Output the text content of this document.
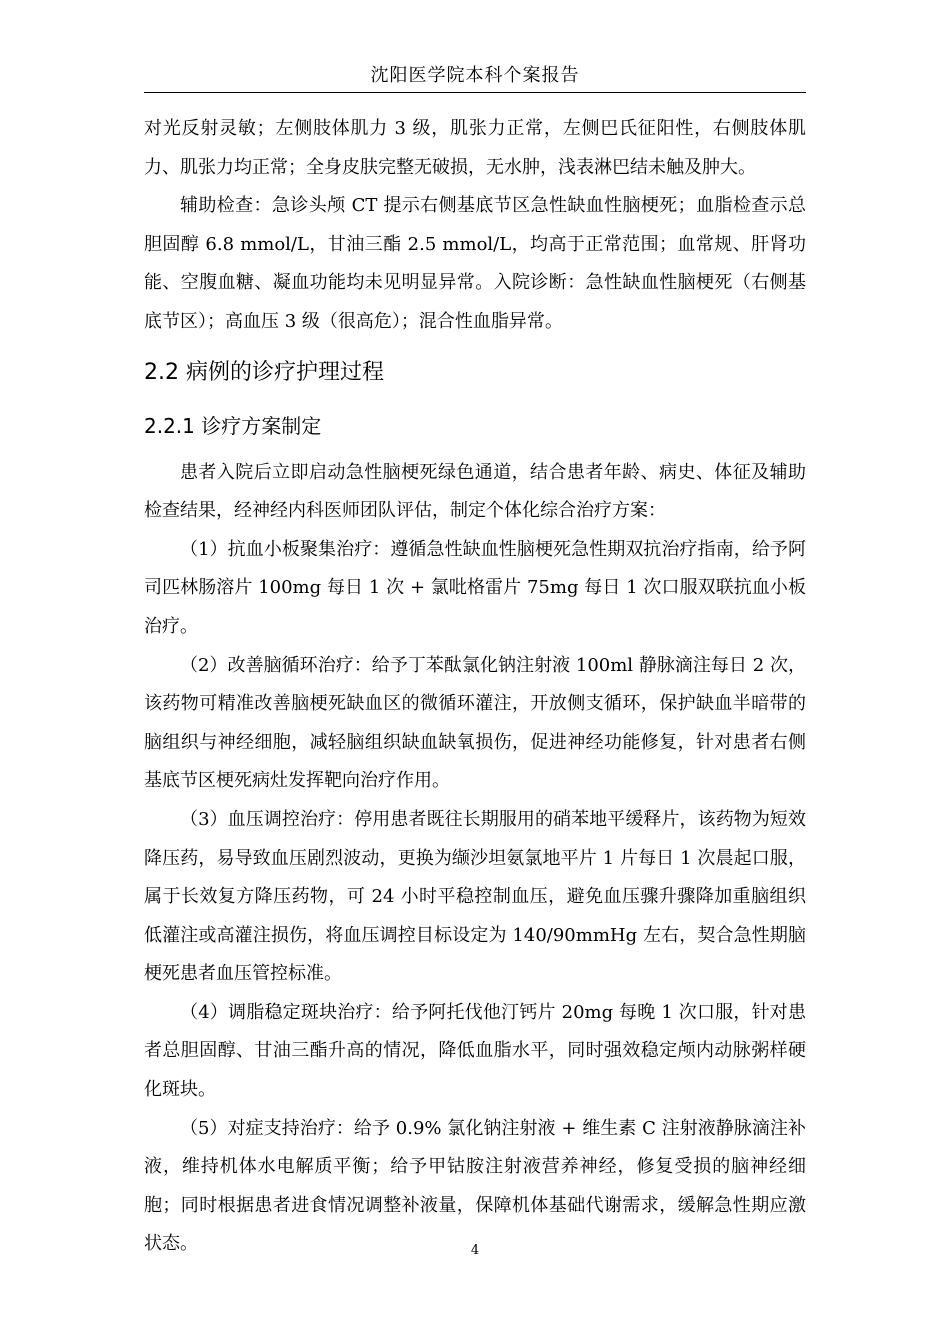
沈阳医学院本科个案报告

对光反射灵敏；左侧肢体肌力 3 级，肌张力正常，左侧巴氏征阳性，右侧肢体肌力、肌张力均正常；全身皮肤完整无破损，无水肿，浅表淋巴结未触及肿大。

辅助检查：急诊头颅 CT 提示右侧基底节区急性缺血性脑梗死；血脂检查示总胆固醇 6.8 mmol/L，甘油三酯 2.5 mmol/L，均高于正常范围；血常规、肝肾功能、空腹血糖、凝血功能均未见明显异常。入院诊断：急性缺血性脑梗死（右侧基底节区）；高血压 3 级（很高危）；混合性血脂异常。

2.2 病例的诊疗护理过程
2.2.1 诊疗方案制定

患者入院后立即启动急性脑梗死绿色通道，结合患者年龄、病史、体征及辅助检查结果，经神经内科医师团队评估，制定个体化综合治疗方案：

（1）抗血小板聚集治疗：遵循急性缺血性脑梗死急性期双抗治疗指南，给予阿司匹林肠溶片 100mg 每日 1 次 + 氯吡格雷片 75mg 每日 1 次口服双联抗血小板治疗。

（2）改善脑循环治疗：给予丁苯酞氯化钠注射液 100ml 静脉滴注每日 2 次，该药物可精准改善脑梗死缺血区的微循环灌注，开放侧支循环，保护缺血半暗带的脑组织与神经细胞，减轻脑组织缺血缺氧损伤，促进神经功能修复，针对患者右侧基底节区梗死病灶发挥靶向治疗作用。

（3）血压调控治疗：停用患者既往长期服用的硝苯地平缓释片，该药物为短效降压药，易导致血压剧烈波动，更换为缬沙坦氨氯地平片 1 片每日 1 次晨起口服，属于长效复方降压药物，可 24 小时平稳控制血压，避免血压骤升骤降加重脑组织低灌注或高灌注损伤，将血压调控目标设定为 140/90mmHg 左右，契合急性期脑梗死患者血压管控标准。

（4）调脂稳定斑块治疗：给予阿托伐他汀钙片 20mg 每晚 1 次口服，针对患者总胆固醇、甘油三酯升高的情况，降低血脂水平，同时强效稳定颅内动脉粥样硬化斑块。

（5）对症支持治疗：给予 0.9% 氯化钠注射液 + 维生素 C 注射液静脉滴注补液，维持机体水电解质平衡；给予甲钴胺注射液营养神经，修复受损的脑神经细胞；同时根据患者进食情况调整补液量，保障机体基础代谢需求，缓解急性期应激状态。	4
